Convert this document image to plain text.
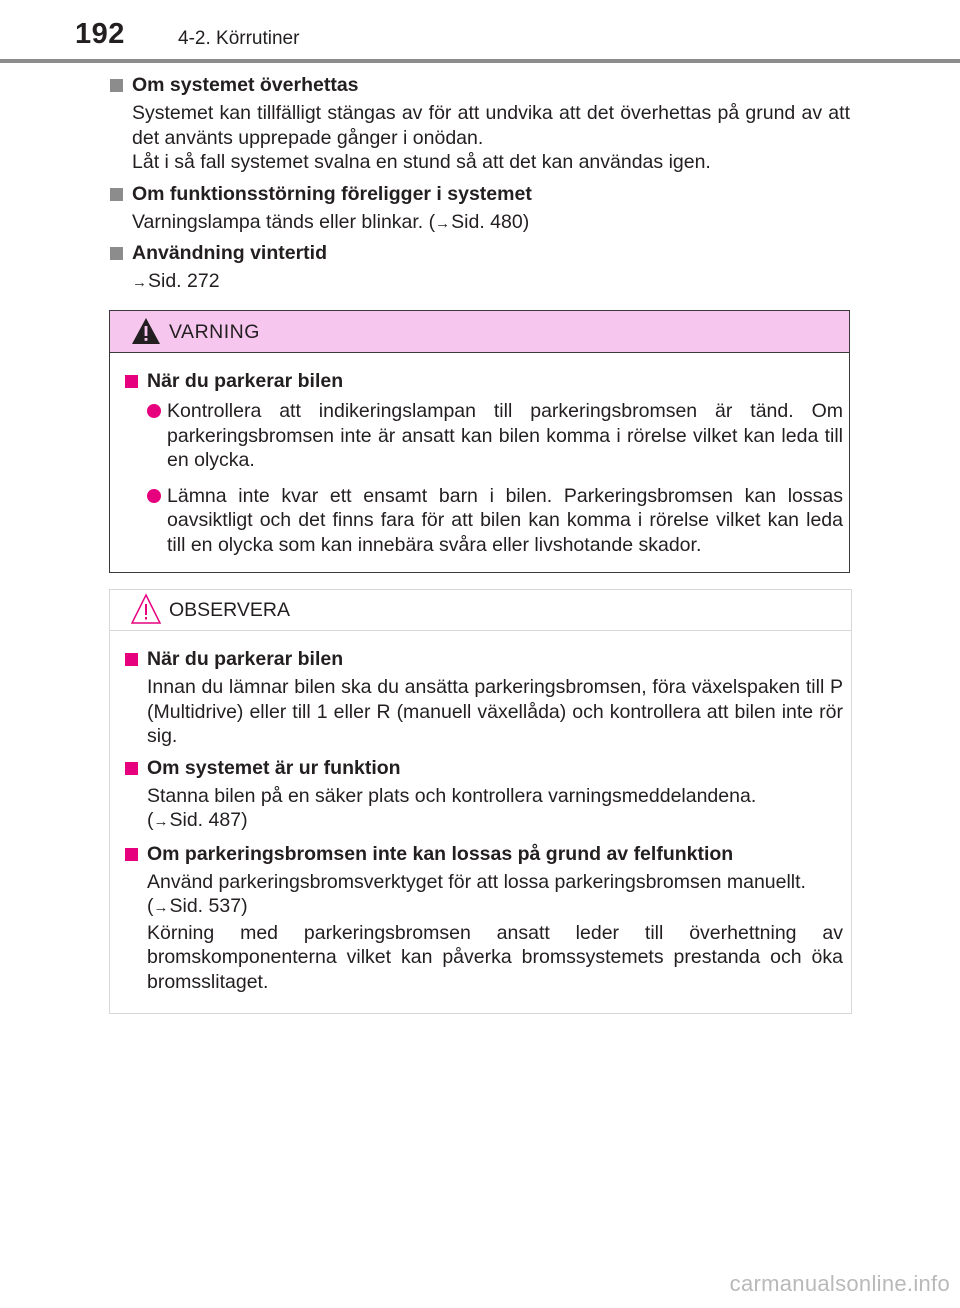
192	4-2. Körrutiner
Om systemet överhettas
Systemet kan tillfälligt stängas av för att undvika att det överhettas på grund av att det använts upprepade gånger i onödan.
Låt i så fall systemet svalna en stund så att det kan användas igen.
Om funktionsstörning föreligger i systemet
Varningslampa tänds eller blinkar. (→Sid. 480)
Användning vintertid
→Sid. 272
VARNING
När du parkerar bilen
Kontrollera att indikeringslampan till parkeringsbromsen är tänd. Om parkeringsbromsen inte är ansatt kan bilen komma i rörelse vilket kan leda till en olycka.
Lämna inte kvar ett ensamt barn i bilen. Parkeringsbromsen kan lossas oavsiktligt och det finns fara för att bilen kan komma i rörelse vilket kan leda till en olycka som kan innebära svåra eller livshotande skador.
OBSERVERA
När du parkerar bilen
Innan du lämnar bilen ska du ansätta parkeringsbromsen, föra växelspaken till P (Multidrive) eller till 1 eller R (manuell växellåda) och kontrollera att bilen inte rör sig.
Om systemet är ur funktion
Stanna bilen på en säker plats och kontrollera varningsmeddelandena.
(→Sid. 487)
Om parkeringsbromsen inte kan lossas på grund av felfunktion
Använd parkeringsbromsverktyget för att lossa parkeringsbromsen manuellt.
(→Sid. 537)
Körning med parkeringsbromsen ansatt leder till överhettning av bromskomponenterna vilket kan påverka bromssystemets prestanda och öka bromsslitaget.
carmanualsonline.info
